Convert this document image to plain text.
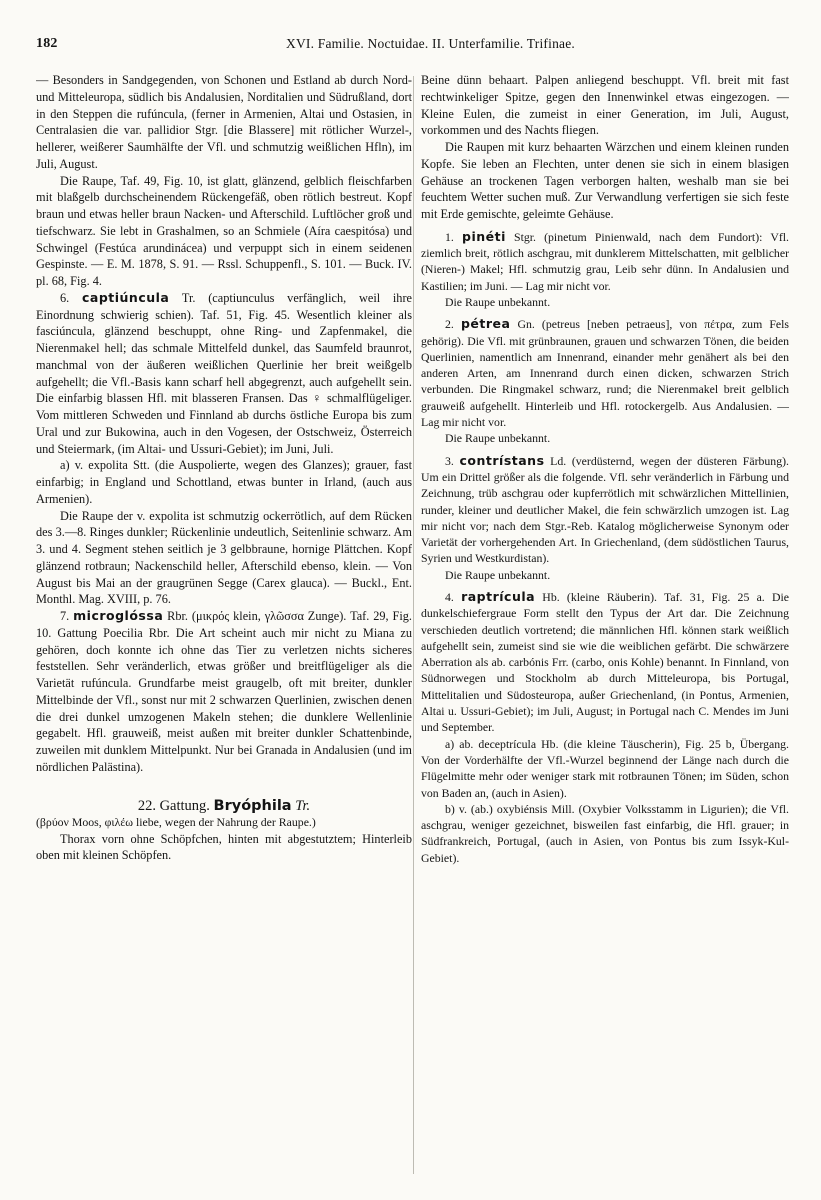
182	XVI. Familie. Noctuidae. II. Unterfamilie. Trifinae.

— Besonders in Sandgegenden, von Schonen und Estland ab durch Nord- und Mitteleuropa, südlich bis Andalusien, Norditalien und Südrußland, dort in den Steppen die rufúncula, (ferner in Armenien, Altai und Ostasien, in Centralasien die var. pallidior Stgr. [die Blassere] mit rötlicher Wurzel-, hellerer, weißerer Saumhälfte der Vfl. und schmutzig weißlichen Hfln), im Juli, August.

Die Raupe, Taf. 49, Fig. 10, ist glatt, glänzend, gelblich fleischfarben mit blaßgelb durchscheinendem Rückengefäß, oben rötlich bestreut. Kopf braun und etwas heller braun Nacken- und Afterschild. Luftlöcher groß und tiefschwarz. Sie lebt in Grashalmen, so an Schmiele (Aíra caespitósa) und Schwingel (Festúca arundinácea) und verpuppt sich in einem seidenen Gespinste. — E. M. 1878, S. 91. — Rssl. Schuppenfl., S. 101. — Buck. IV. pl. 68, Fig. 4.

6. captiúncula Tr. (captiunculus verfänglich, weil ihre Einordnung schwierig schien). Taf. 51, Fig. 45. Wesentlich kleiner als fasciúncula, glänzend beschuppt, ohne Ring- und Zapfenmakel, die Nierenmakel hell; das schmale Mittelfeld dunkel, das Saumfeld braunrot, manchmal von der äußeren weißlichen Querlinie her breit weißgelb aufgehellt; die Vfl.-Basis kann scharf hell abgegrenzt, auch aufgehellt sein. Die einfarbig blassen Hfl. mit blasseren Fransen. Das ♀ schmalflügeliger. Vom mittleren Schweden und Finnland ab durchs östliche Europa bis zum Ural und zur Bukowina, auch in den Vogesen, der Ostschweiz, Österreich und Steiermark, (im Altai- und Ussuri-Gebiet); im Juni, Juli.

a) v. expolita Stt. (die Auspolierte, wegen des Glanzes); grauer, fast einfarbig; in England und Schottland, etwas bunter in Irland, (auch aus Armenien).

Die Raupe der v. expolita ist schmutzig ockerrötlich, auf dem Rücken des 3.—8. Ringes dunkler; Rückenlinie undeutlich, Seitenlinie schwarz. Am 3. und 4. Segment stehen seitlich je 3 gelbbraune, hornige Plättchen. Kopf glänzend rotbraun; Nackenschild heller, Afterschild ebenso, klein. — Von August bis Mai an der graugrünen Segge (Carex glauca). — Buckl., Ent. Monthl. Mag. XVIII, p. 76.

7. microglóssa Rbr. (μικρός klein, γλῶσσα Zunge). Taf. 29, Fig. 10. Gattung Poecilia Rbr. Die Art scheint auch mir nicht zu Miana zu gehören, doch konnte ich ohne das Tier zu verletzen nichts sicheres feststellen. Sehr veränderlich, etwas größer und breitflügeliger als die Varietät rufúncula. Grundfarbe meist graugelb, oft mit breiter, dunkler Mittelbinde der Vfl., sonst nur mit 2 schwarzen Querlinien, zwischen denen die drei dunkel umzogenen Makeln stehen; die dunklere Wellenlinie gegabelt. Hfl. grauweiß, meist außen mit breiter dunkler Schattenbinde, zuweilen mit dunklem Mittelpunkt. Nur bei Granada in Andalusien (und im nördlichen Palästina).

22. Gattung. Bryóphila Tr.

(βρύον Moos, φιλέω liebe, wegen der Nahrung der Raupe.)

Thorax vorn ohne Schöpfchen, hinten mit abgestutztem; Hinterleib oben mit kleinen Schöpfen.

Beine dünn behaart. Palpen anliegend beschuppt. Vfl. breit mit fast rechtwinkeliger Spitze, gegen den Innenwinkel etwas eingezogen. — Kleine Eulen, die zumeist in einer Generation, im Juli, August, vorkommen und des Nachts fliegen.

Die Raupen mit kurz behaarten Wärzchen und einem kleinen runden Kopfe. Sie leben an Flechten, unter denen sie sich in einem blasigen Gehäuse an trockenen Tagen verborgen halten, weshalb man sie bei feuchtem Wetter suchen muß. Zur Verwandlung verfertigen sie sich feste mit Erde gemischte, geleimte Gehäuse.

1. pinéti Stgr. (pinetum Pinienwald, nach dem Fundort): Vfl. ziemlich breit, rötlich aschgrau, mit dunklerem Mittelschatten, mit gelblicher (Nieren-) Makel; Hfl. schmutzig grau, Leib sehr dünn. In Andalusien und Kastilien; im Juni. — Lag mir nicht vor.

Die Raupe unbekannt.

2. pétrea Gn. (petreus [neben petraeus], von πέτρα, zum Fels gehörig). Die Vfl. mit grünbraunen, grauen und schwarzen Tönen, die beiden Querlinien, namentlich am Innenrand, einander mehr genähert als bei den anderen Arten, am Innenrand durch einen dicken, schwarzen Strich verbunden. Die Ringmakel schwarz, rund; die Nierenmakel breit gelblich grauweiß aufgehellt. Hinterleib und Hfl. rotockergelb. Aus Andalusien. — Lag mir nicht vor.

Die Raupe unbekannt.

3. contrístans Ld. (verdüsternd, wegen der düsteren Färbung). Um ein Drittel größer als die folgende. Vfl. sehr veränderlich in Färbung und Zeichnung, trüb aschgrau oder kupferrötlich mit schwärzlichen Mittellinien, runder, kleiner und deutlicher Makel, die fein schwärzlich umzogen ist. Lag mir nicht vor; nach dem Stgr.-Reb. Katalog möglicherweise Synonym oder Varietät der vorhergehenden Art. In Griechenland, (dem südöstlichen Taurus, Syrien und Westkurdistan).

Die Raupe unbekannt.

4. raptrícula Hb. (kleine Räuberin). Taf. 31, Fig. 25 a. Die dunkelschiefergraue Form stellt den Typus der Art dar. Die Zeichnung verschieden deutlich vortretend; die männlichen Hfl. können stark weißlich aufgehellt sein, zumeist sind sie wie die weiblichen gefärbt. Die schwärzere Aberration als ab. carbónis Frr. (carbo, onis Kohle) benannt. In Finnland, von Südnorwegen und Stockholm ab durch Mitteleuropa, bis Portugal, Mittelitalien und Südosteuropa, außer Griechenland, (in Pontus, Armenien, Altai u. Ussuri-Gebiet); im Juli, August; in Portugal nach C. Mendes im Juni und September.

a) ab. deceptrícula Hb. (die kleine Täuscherin), Fig. 25 b, Übergang. Von der Vorderhälfte der Vfl.-Wurzel beginnend der Länge nach durch die Flügelmitte mehr oder weniger stark mit rotbraunen Tönen; im Süden, schon von Baden an, (auch in Asien).

b) v. (ab.) oxybiénsis Mill. (Oxybier Volksstamm in Ligurien); die Vfl. aschgrau, weniger gezeichnet, bisweilen fast einfarbig, die Hfl. grauer; in Südfrankreich, Portugal, (auch in Asien, von Pontus bis zum Issyk-Kul-Gebiet).
